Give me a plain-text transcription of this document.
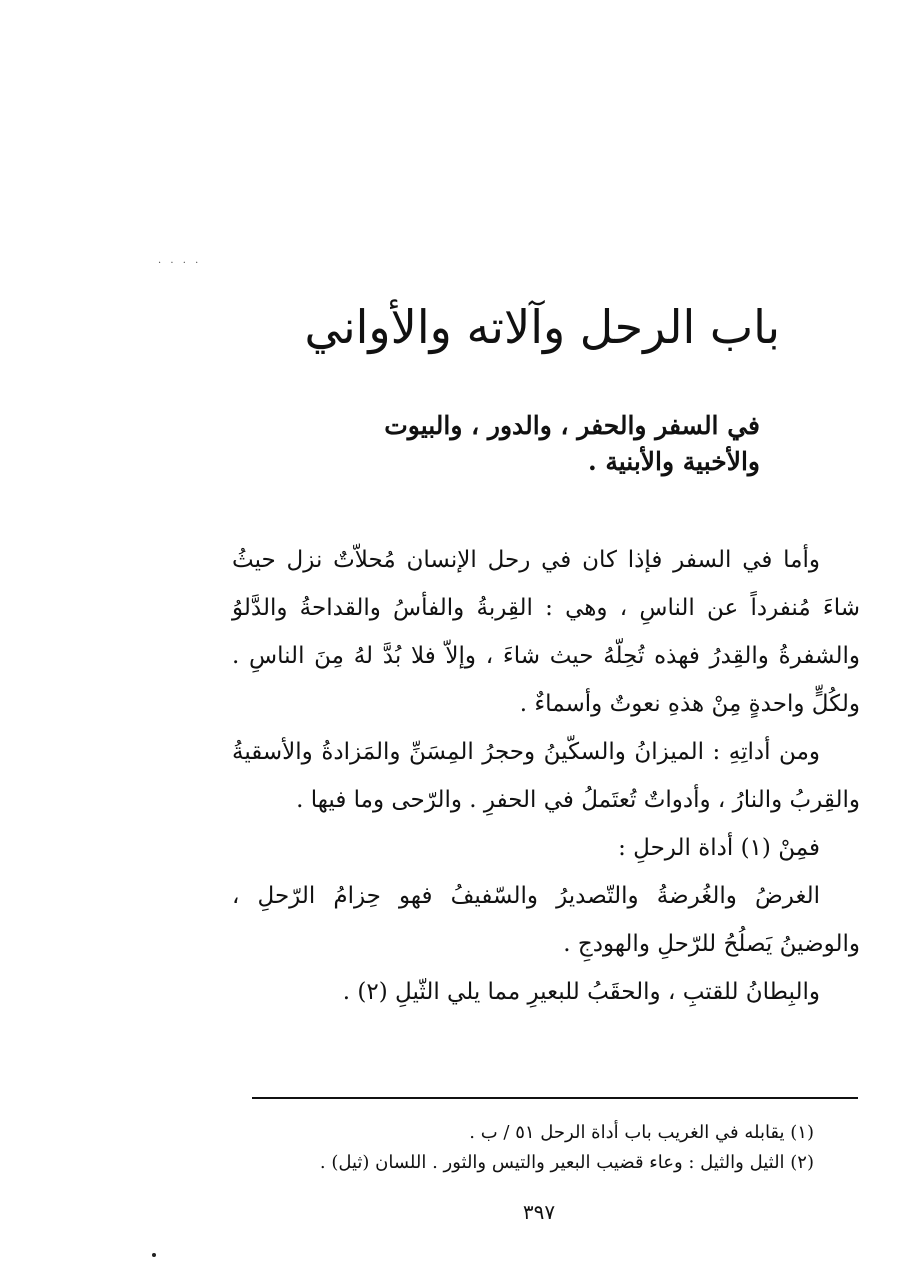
· · · ·
باب الرحل وآلاته والأواني
في السفر والحفر ، والدور ، والبيوت والأخبية والأبنية .

وأما في السفر فإذا كان في رحل الإنسان مُحلاّتٌ نزل حيثُ شاءَ مُنفرداً عن الناسِ ، وهي : القِربةُ والفأسُ والقداحةُ والدَّلوُ والشفرةُ والقِدرُ فهذه تُحِلّهُ حيث شاءَ ، وإلاّ فلا بُدَّ لهُ مِنَ الناسِ . ولكُلٍّ واحدةٍ مِنْ هذهِ نعوتٌ وأسماءٌ .

ومن أداتِهِ : الميزانُ والسكّينُ وحجرُ المِسَنِّ والمَزادةُ والأسقيةُ والقِربُ والنارُ ، وأدواتٌ تُعتَملُ في الحفرِ . والرّحى وما فيها .

فمِنْ (١) أداة الرحلِ :

الغرضُ والغُرضةُ والتّصديرُ والسّفيفُ فهو حِزامُ الرّحلِ ، والوضينُ يَصلُحُ للرّحلِ والهودجِ .

والبِطانُ للقتبِ ، والحقَبُ للبعيرِ مما يلي الثّيلِ (٢) .

(١) يقابله في الغريب باب أداة الرحل ٥١ / ب .

(٢) الثيل والثيل : وعاء قضيب البعير والتيس والثور . اللسان (ثيل) .

٣٩٧
